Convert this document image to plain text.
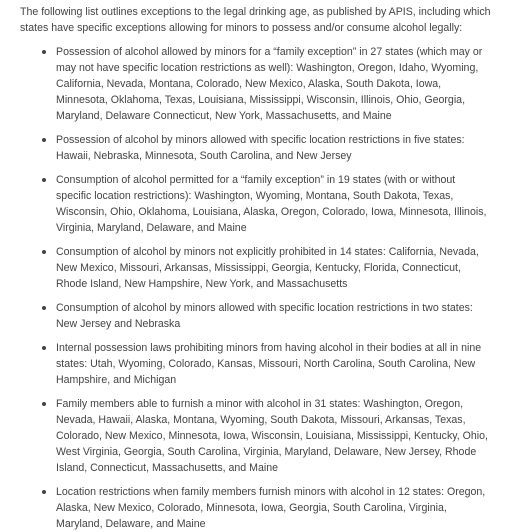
The following list outlines exceptions to the legal drinking age, as published by APIS, including which states have specific exceptions allowing for minors to possess and/or consume alcohol legally:

Possession of alcohol allowed by minors for a “family exception” in 27 states (which may or may not have specific location restrictions as well): Washington, Oregon, Idaho, Wyoming, California, Nevada, Montana, Colorado, New Mexico, Alaska, South Dakota, Iowa, Minnesota, Oklahoma, Texas, Louisiana, Mississippi, Wisconsin, Illinois, Ohio, Georgia, Maryland, Delaware Connecticut, New York, Massachusetts, and Maine
Possession of alcohol by minors allowed with specific location restrictions in five states: Hawaii, Nebraska, Minnesota, South Carolina, and New Jersey
Consumption of alcohol permitted for a “family exception” in 19 states (with or without specific location restrictions): Washington, Wyoming, Montana, South Dakota, Texas, Wisconsin, Ohio, Oklahoma, Louisiana, Alaska, Oregon, Colorado, Iowa, Minnesota, Illinois, Virginia, Maryland, Delaware, and Maine
Consumption of alcohol by minors not explicitly prohibited in 14 states: California, Nevada, New Mexico, Missouri, Arkansas, Mississippi, Georgia, Kentucky, Florida, Connecticut, Rhode Island, New Hampshire, New York, and Massachusetts
Consumption of alcohol by minors allowed with specific location restrictions in two states: New Jersey and Nebraska
Internal possession laws prohibiting minors from having alcohol in their bodies at all in nine states: Utah, Wyoming, Colorado, Kansas, Missouri, North Carolina, South Carolina, New Hampshire, and Michigan
Family members able to furnish a minor with alcohol in 31 states: Washington, Oregon, Nevada, Hawaii, Alaska, Montana, Wyoming, South Dakota, Missouri, Arkansas, Texas, Colorado, New Mexico, Minnesota, Iowa, Wisconsin, Louisiana, Mississippi, Kentucky, Ohio, West Virginia, Georgia, South Carolina, Virginia, Maryland, Delaware, New Jersey, Rhode Island, Connecticut, Massachusetts, and Maine
Location restrictions when family members furnish minors with alcohol in 12 states: Oregon, Alaska, New Mexico, Colorado, Minnesota, Iowa, Georgia, South Carolina, Virginia, Maryland, Delaware, and Maine
